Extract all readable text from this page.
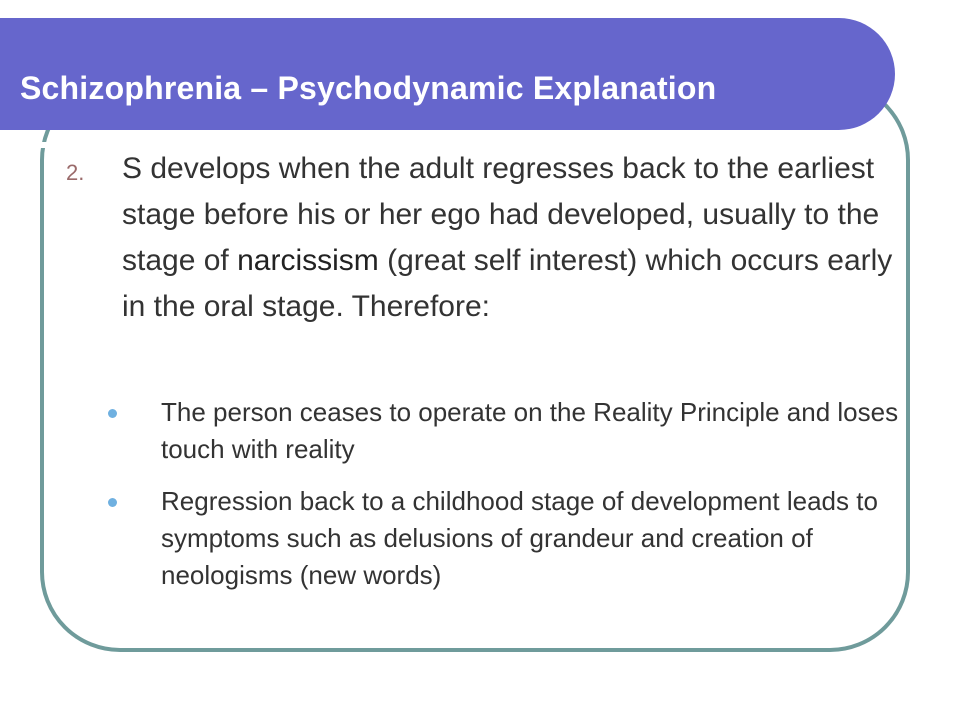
Schizophrenia – Psychodynamic Explanation
2. S develops when the adult regresses back to the earliest stage before his or her ego had developed, usually to the stage of narcissism (great self interest) which occurs early in the oral stage. Therefore:

The person ceases to operate on the Reality Principle and loses touch with reality
Regression back to a childhood stage of development leads to symptoms such as delusions of grandeur and creation of neologisms (new words)
